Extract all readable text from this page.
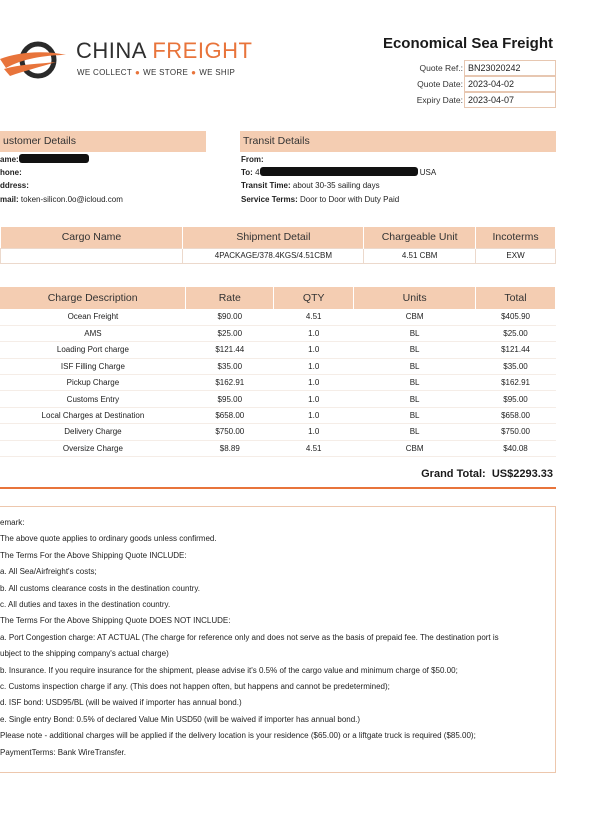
CHINA FREIGHT
WE COLLECT ● WE STORE ● WE SHIP
Economical Sea Freight
Quote Ref.: BN23020242
Quote Date: 2023-04-02
Expiry Date: 2023-04-07
ustomer Details
ame:
hone:
ddress:
mail: token-silicon.0o@icloud.com
Transit Details
From:
To: 4	USA
Transit Time: about 30-35 sailing days
Service Terms: Door to Door with Duty Paid
Cargo Name	Shipment Detail	Chargeable Unit	Incoterms
	4PACKAGE/378.4KGS/4.51CBM	4.51 CBM	EXW
Charge Description	Rate	QTY	Units	Total
Ocean Freight	$90.00	4.51	CBM	$405.90
AMS	$25.00	1.0	BL	$25.00
Loading Port charge	$121.44	1.0	BL	$121.44
ISF Filling Charge	$35.00	1.0	BL	$35.00
Pickup Charge	$162.91	1.0	BL	$162.91
Customs Entry	$95.00	1.0	BL	$95.00
Local Charges at Destination	$658.00	1.0	BL	$658.00
Delivery Charge	$750.00	1.0	BL	$750.00
Oversize Charge	$8.89	4.51	CBM	$40.08
Grand Total: US$2293.33
emark:
The above quote applies to ordinary goods unless confirmed.
The Terms For the Above Shipping Quote INCLUDE:
a. All Sea/Airfreight's costs;
b. All customs clearance costs in the destination country.
c. All duties and taxes in the destination country.
The Terms For the Above Shipping Quote DOES NOT INCLUDE:
a. Port Congestion charge: AT ACTUAL (The charge for reference only and does not serve as the basis of prepaid fee. The destination port is
ubject to the shipping company's actual charge)
b. Insurance. If you require insurance for the shipment, please advise it's 0.5% of the cargo value and minimum charge of $50.00;
c. Customs inspection charge if any. (This does not happen often, but happens and cannot be predetermined);
d. ISF bond: USD95/BL (will be waived if importer has annual bond.)
e. Single entry Bond: 0.5% of declared Value Min USD50 (will be waived if importer has annual bond.)
Please note - additional charges will be applied if the delivery location is your residence ($65.00) or a liftgate truck is required ($85.00);
PaymentTerms: Bank WireTransfer.
